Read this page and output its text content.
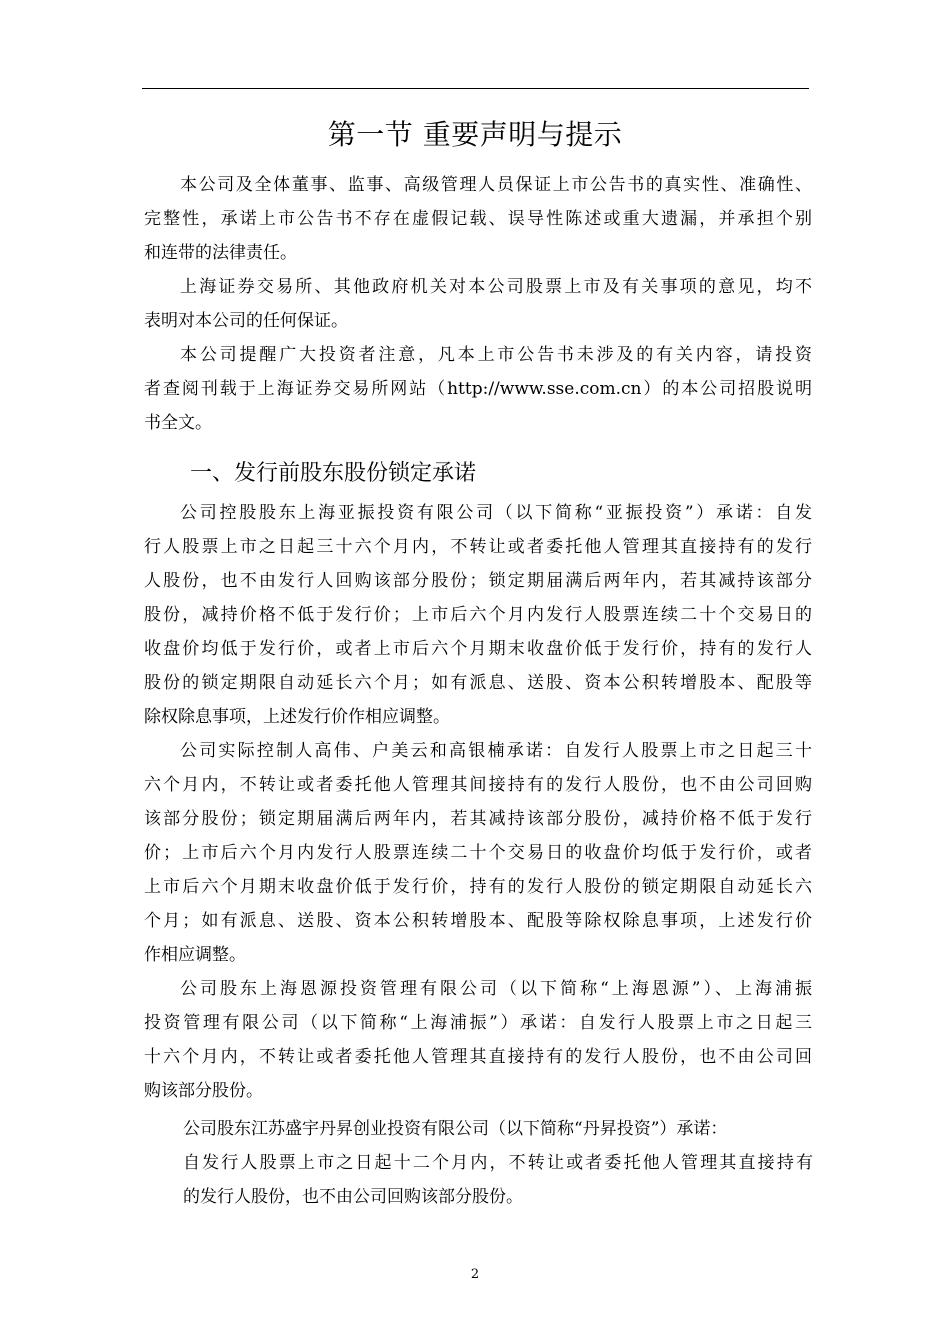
第一节 重要声明与提示
本公司及全体董事、监事、高级管理人员保证上市公告书的真实性、准确性、
完整性，承诺上市公告书不存在虚假记载、误导性陈述或重大遗漏，并承担个别
和连带的法律责任。
上海证券交易所、其他政府机关对本公司股票上市及有关事项的意见，均不
表明对本公司的任何保证。
本公司提醒广大投资者注意，凡本上市公告书未涉及的有关内容，请投资
者查阅刊载于上海证券交易所网站（http://www.sse.com.cn）的本公司招股说明
书全文。
一、发行前股东股份锁定承诺
公司控股股东上海亚振投资有限公司（以下简称“亚振投资”）承诺：自发
行人股票上市之日起三十六个月内，不转让或者委托他人管理其直接持有的发行
人股份，也不由发行人回购该部分股份；锁定期届满后两年内，若其减持该部分
股份，减持价格不低于发行价；上市后六个月内发行人股票连续二十个交易日的
收盘价均低于发行价，或者上市后六个月期末收盘价低于发行价，持有的发行人
股份的锁定期限自动延长六个月；如有派息、送股、资本公积转增股本、配股等
除权除息事项，上述发行价作相应调整。
公司实际控制人高伟、户美云和高银楠承诺：自发行人股票上市之日起三十
六个月内，不转让或者委托他人管理其间接持有的发行人股份，也不由公司回购
该部分股份；锁定期届满后两年内，若其减持该部分股份，减持价格不低于发行
价；上市后六个月内发行人股票连续二十个交易日的收盘价均低于发行价，或者
上市后六个月期末收盘价低于发行价，持有的发行人股份的锁定期限自动延长六
个月；如有派息、送股、资本公积转增股本、配股等除权除息事项，上述发行价
作相应调整。
公司股东上海恩源投资管理有限公司（以下简称“上海恩源”）、上海浦振
投资管理有限公司（以下简称“上海浦振”）承诺：自发行人股票上市之日起三
十六个月内，不转让或者委托他人管理其直接持有的发行人股份，也不由公司回
购该部分股份。
公司股东江苏盛宇丹昇创业投资有限公司（以下简称“丹昇投资”）承诺：
自发行人股票上市之日起十二个月内，不转让或者委托他人管理其直接持有
的发行人股份，也不由公司回购该部分股份。
2
